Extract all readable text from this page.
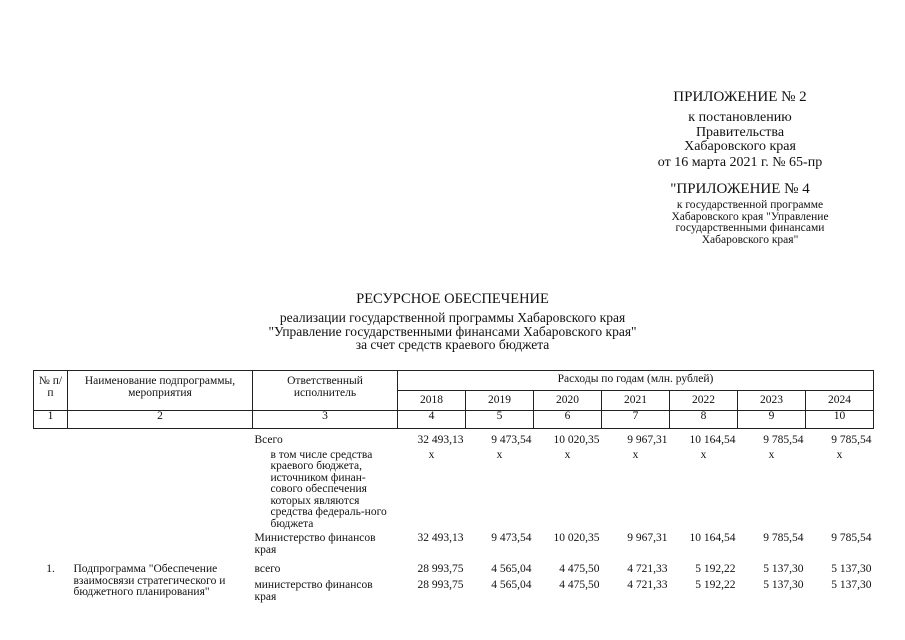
ПРИЛОЖЕНИЕ № 2
к постановлению
Правительства
Хабаровского края
от 16 марта 2021 г. № 65-пр
"ПРИЛОЖЕНИЕ № 4
к государственной программе
Хабаровского края "Управление
государственными финансами
Хабаровского края"
РЕСУРСНОЕ ОБЕСПЕЧЕНИЕ
реализации государственной программы Хабаровского края
"Управление государственными финансами Хабаровского края"
за счет средств краевого бюджета
№ п/п	Наименование подпрограммы, мероприятия	Ответственный исполнитель	Расходы по годам (млн. рублей)						
			2018	2019	2020	2021	2022	2023	2024
1	2	3	4	5	6	7	8	9	10
		Всего	32 493,13	9 473,54	10 020,35	9 967,31	10 164,54	9 785,54	9 785,54
		в том числе средства краевого бюджета, источником финан-сового обеспечения которых являются средства федераль-ного бюджета	x	x	x	x	x	x	x
		Министерство финансов края	32 493,13	9 473,54	10 020,35	9 967,31	10 164,54	9 785,54	9 785,54
1.	Подпрограмма "Обеспечение взаимосвязи стратегического и бюджетного планирования"	всего	28 993,75	4 565,04	4 475,50	4 721,33	5 192,22	5 137,30	5 137,30
		министерство финансов края	28 993,75	4 565,04	4 475,50	4 721,33	5 192,22	5 137,30	5 137,30
